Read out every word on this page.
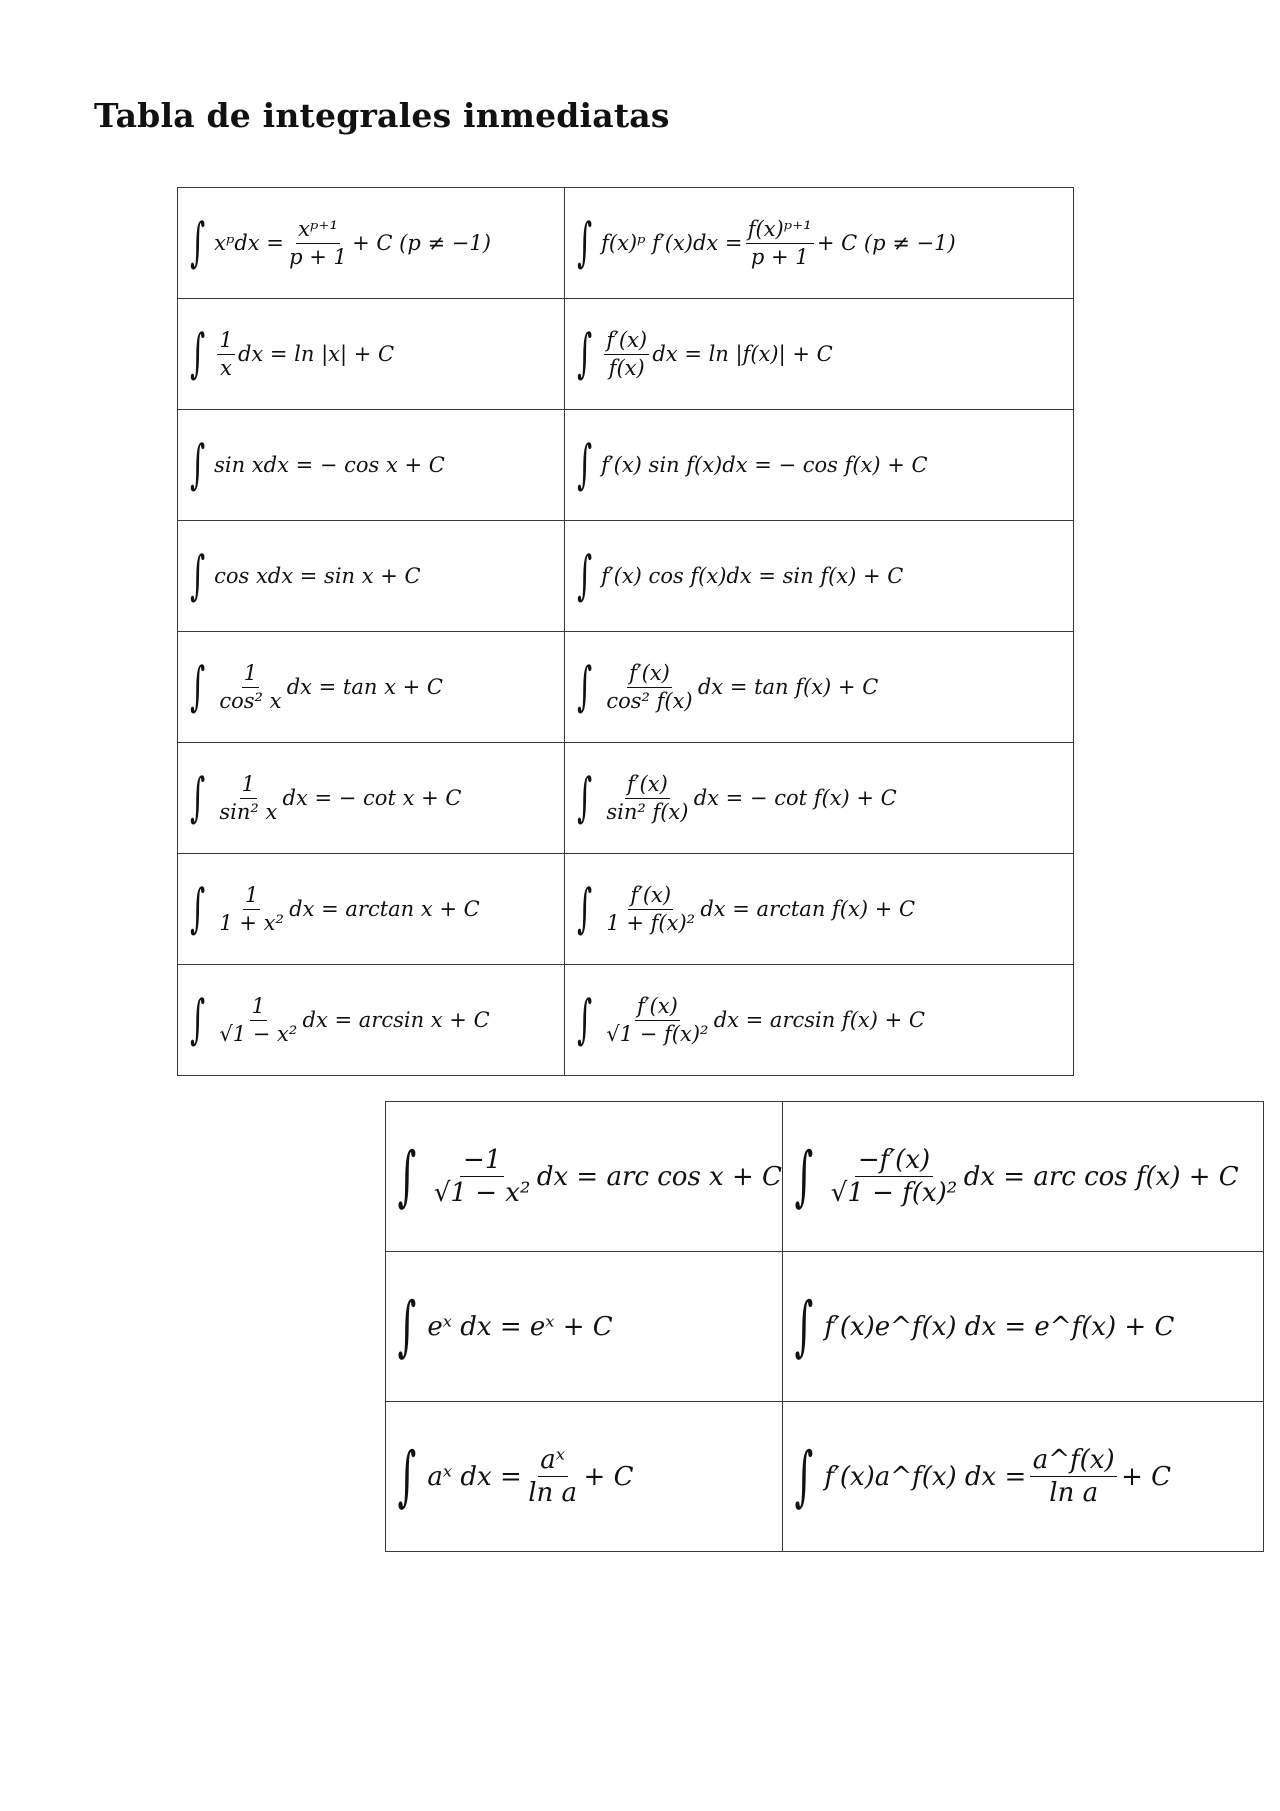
Tabla de integrales inmediatas
∫ xᵖdx = $\frac{\text{xᵖ⁺¹}}{p + 1} + C$ (p ≠ −1)	∫ f(x)ᵖ $f'(x)dx = \frac{\text{f(x)ᵖ⁺¹}}{p + 1} + C$ (p ≠ −1)

∫ $\frac{1}{x}$ dx = ln |x| + C	∫ $\frac{f'(x)}{f(x)}$ dx = ln |f(x)| + C

∫ sin xdx = − cos x + C	∫ f′(x) sin f(x)dx = − cos f(x) + C

∫ cos xdx = sin x + C	∫ f′(x) cos f(x)dx = sin f(x) + C

∫ $\frac{1}{\text{cos² x}}$ dx = tan x + C	∫ $\frac{f'(x)}{\text{cos² f(x)}}$ dx = tan f(x) + C

∫ $\frac{1}{\text{sin² x}}$ dx = − cot x + C	∫ $\frac{f'(x)}{\text{sin² f(x)}}$ dx = − cot f(x) + C

∫ $\frac{1}{\text{1 + x²}}$ dx = arctan x + C	∫ $\frac{f'(x)}{\text{1 + f(x)²}}$ dx = arctan f(x) + C

∫ $\frac{1}{\text{√1 − x²}}$ dx = arcsin x + C	∫ $\frac{f'(x)}{\text{√1 − f(x)²}}$ dx = arcsin f(x) + C
∫ $\frac{-1}{\text{√1 − x²}}$ dx = arc cos x + C	∫ $\frac{-f'(x)}{\text{√1 − f(x)²}}$ dx = arc cos f(x) + C

∫ eˣ dx = eˣ + C	∫ f′(x)e^f(x) dx = e^f(x) + C

∫ aˣ dx = $\frac{\text{aˣ}}{\text{ln a}} + C$	∫ f′(x)a^f(x) dx = $\frac{a\^{}f(x)}{\text{ln a}} + C$
